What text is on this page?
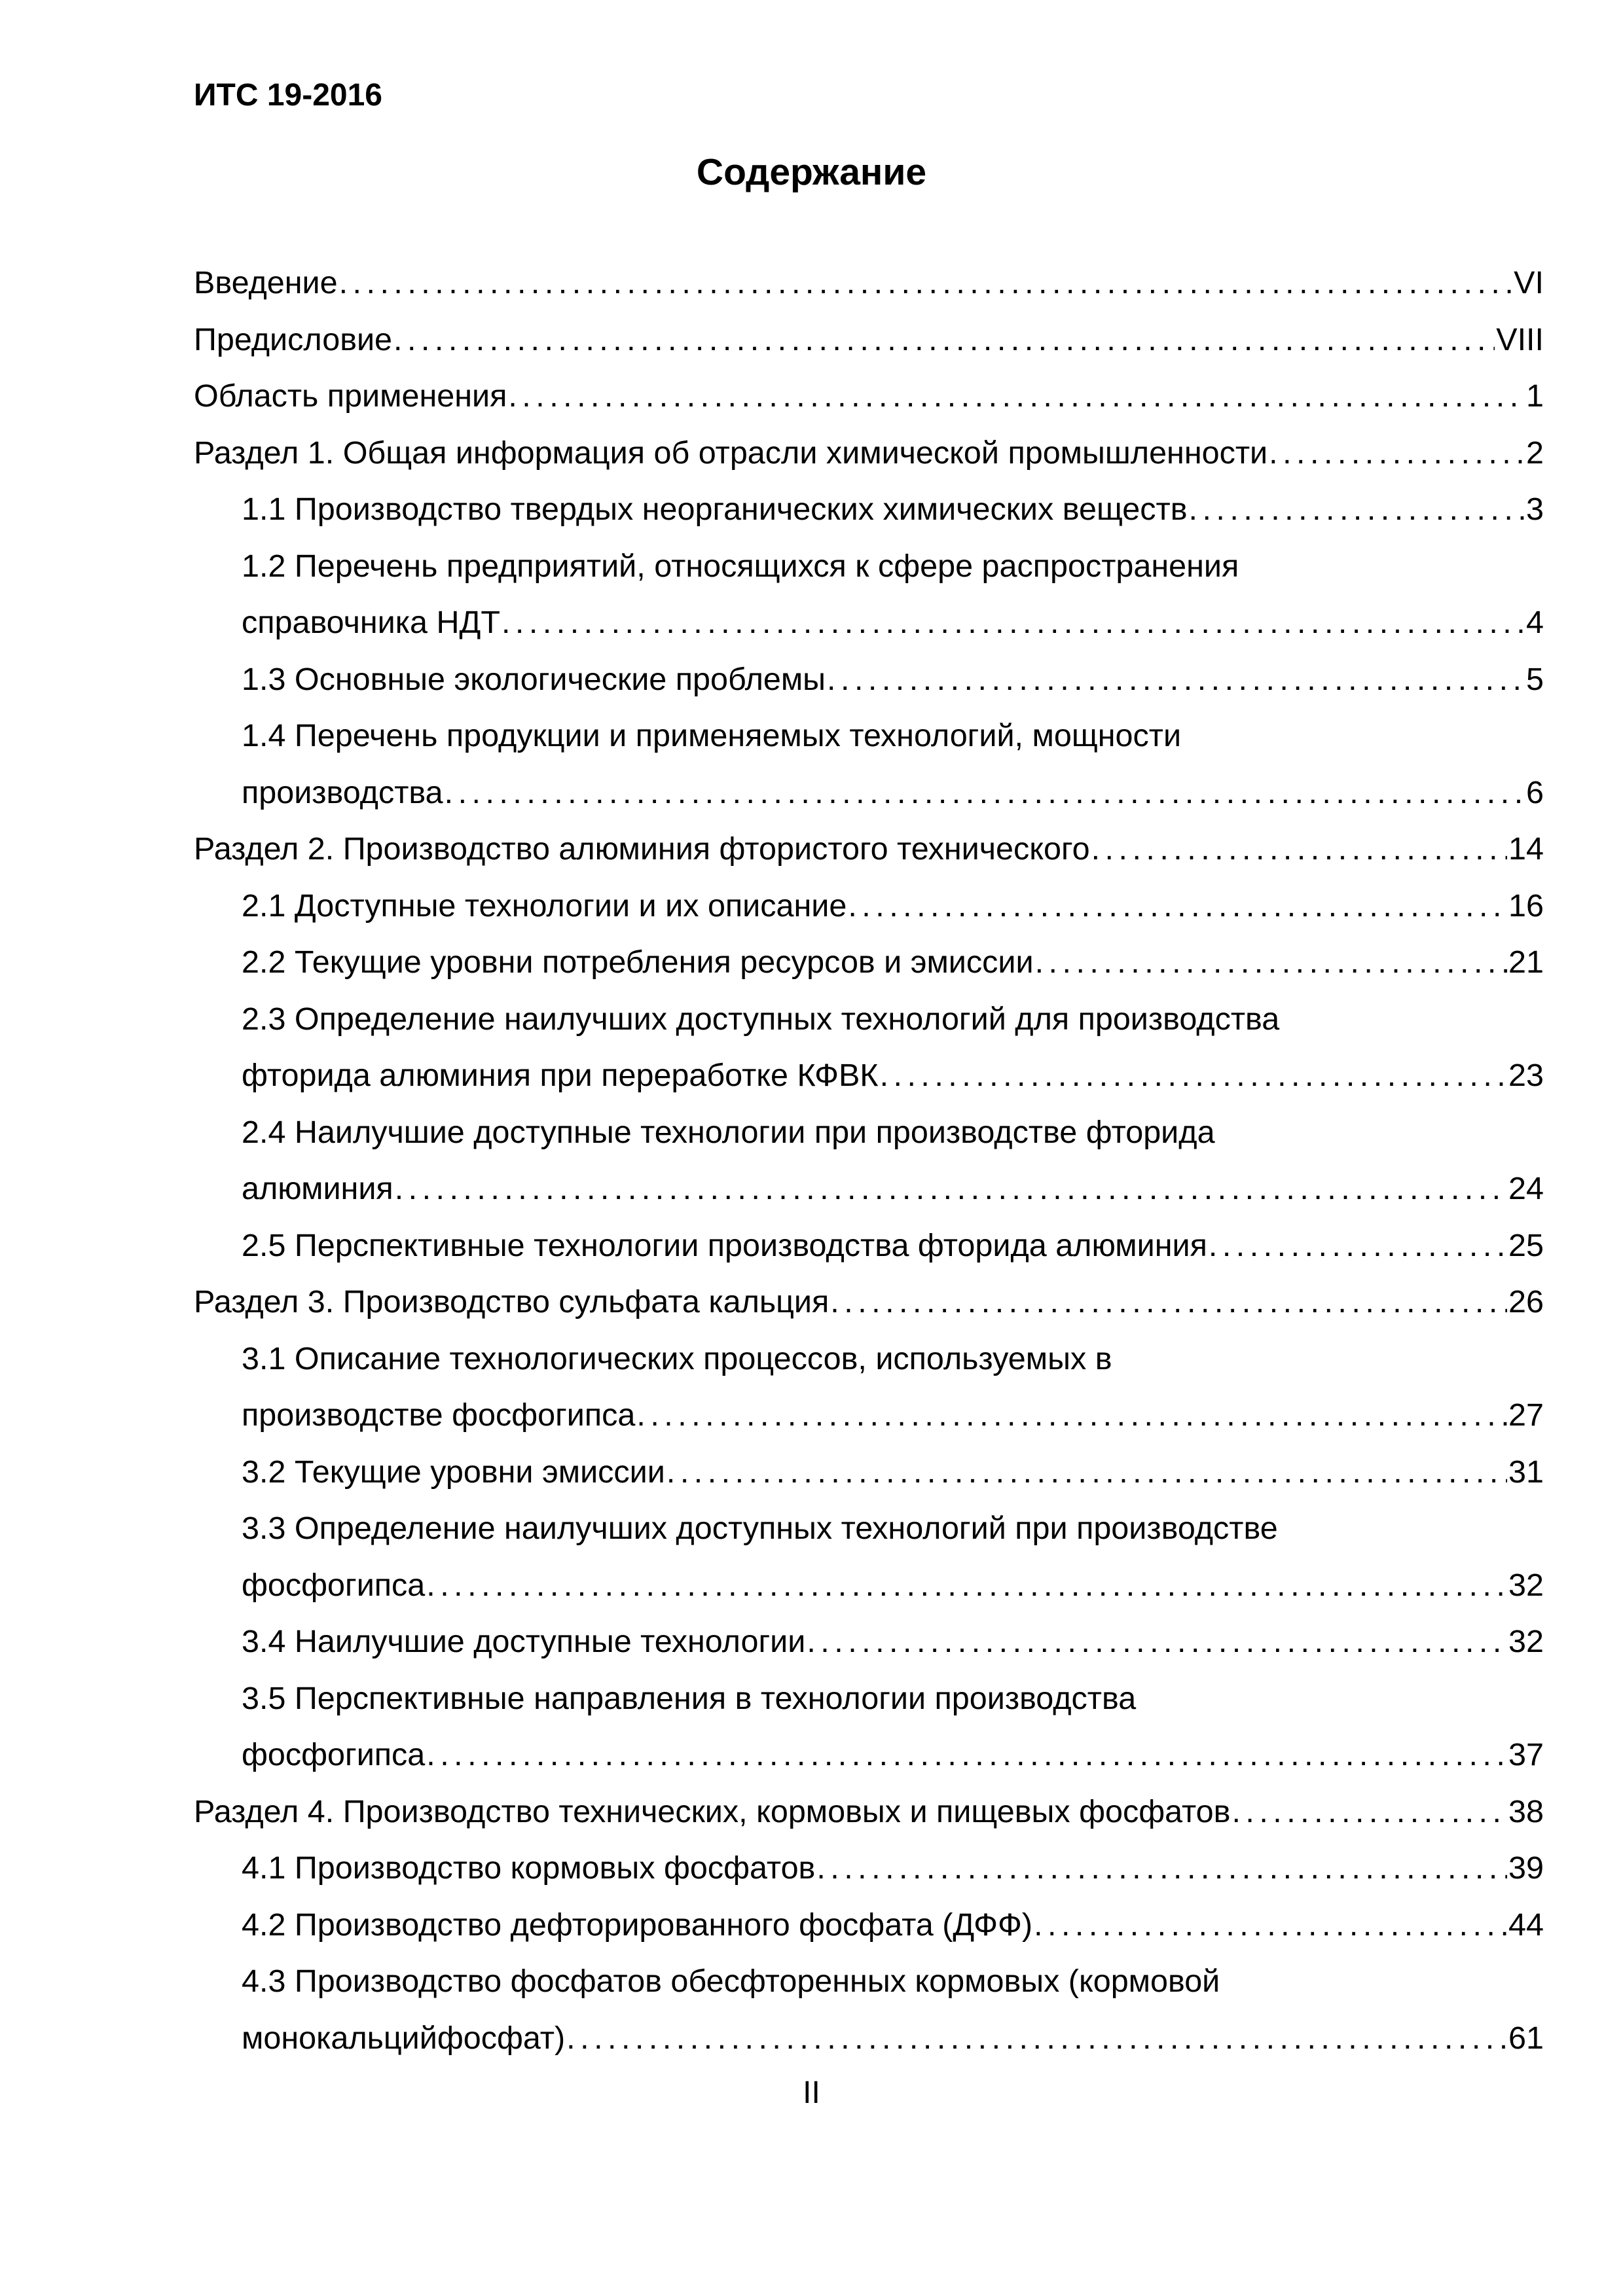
ИТС 19-2016
Содержание
Введение . . .	VI
Предисловие . . .	VIII
Область применения . . .	1
Раздел 1. Общая информация об отрасли химической промышленности . . .	2
1.1 Производство твердых неорганических химических веществ . . .	3
1.2 Перечень предприятий, относящихся к сфере распространения
справочника НДТ . . .	4
1.3 Основные экологические проблемы . . .	5
1.4 Перечень продукции и применяемых технологий, мощности
производства . . .	6
Раздел 2. Производство алюминия фтористого технического . . .	14
2.1 Доступные технологии и их описание . . .	16
2.2 Текущие уровни потребления ресурсов и эмиссии . . .	21
2.3 Определение наилучших доступных технологий для производства
фторида алюминия при переработке КФВК . . .	23
2.4 Наилучшие доступные технологии при производстве фторида
алюминия . . .	24
2.5 Перспективные технологии производства фторида алюминия . . .	25
Раздел 3. Производство сульфата кальция . . .	26
3.1 Описание технологических процессов, используемых в
производстве фосфогипса . . .	27
3.2 Текущие уровни эмиссии . . .	31
3.3 Определение наилучших доступных технологий при производстве
фосфогипса . . .	32
3.4 Наилучшие доступные технологии . . .	32
3.5 Перспективные направления в технологии производства
фосфогипса . . .	37
Раздел 4. Производство технических, кормовых и пищевых фосфатов . . .	38
4.1 Производство кормовых фосфатов . . .	39
4.2 Производство дефторированного фосфата (ДФФ) . . .	44
4.3 Производство фосфатов обесфторенных кормовых (кормовой
монокальцийфосфат) . . .	61
II
